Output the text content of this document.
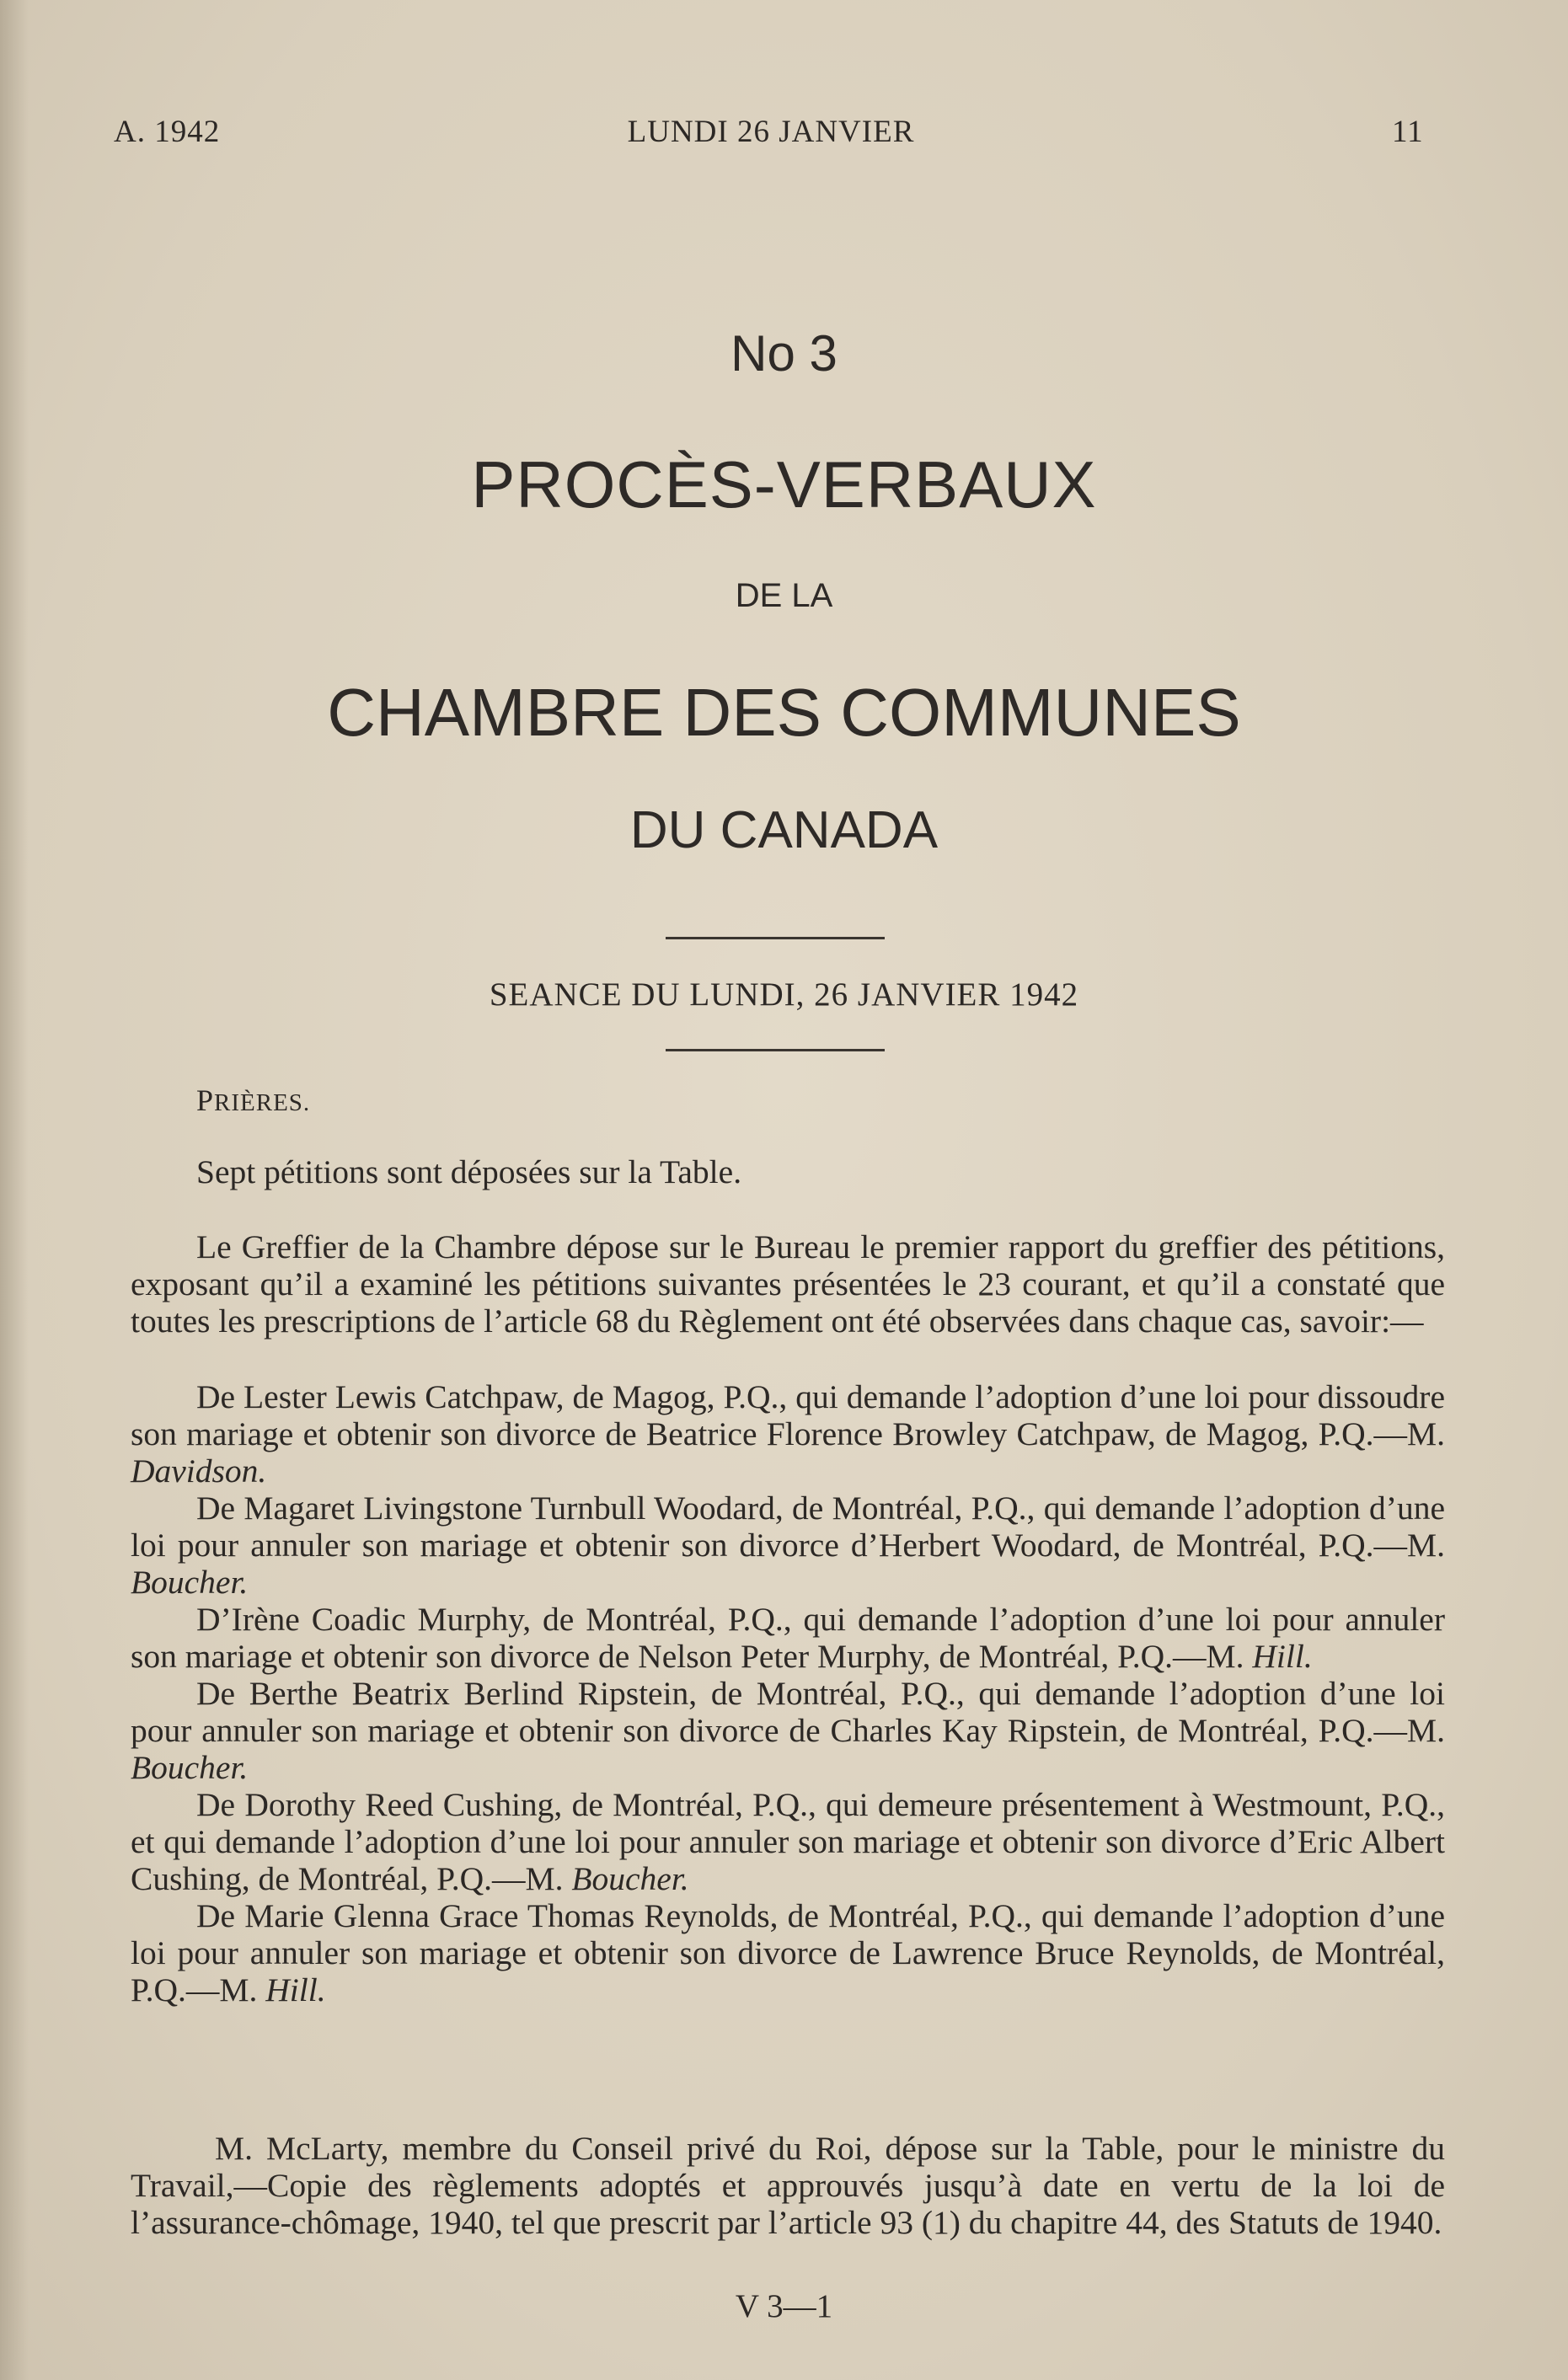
A. 1942	LUNDI 26 JANVIER	11
No 3
PROCÈS-VERBAUX
DE LA
CHAMBRE DES COMMUNES
DU CANADA
SEANCE DU LUNDI, 26 JANVIER 1942
PRIÈRES.
Sept pétitions sont déposées sur la Table.

Le Greffier de la Chambre dépose sur le Bureau le premier rapport du greffier des pétitions, exposant qu’il a examiné les pétitions suivantes présentées le 23 courant, et qu’il a constaté que toutes les prescriptions de l’article 68 du Règlement ont été observées dans chaque cas, savoir:—

De Lester Lewis Catchpaw, de Magog, P.Q., qui demande l’adoption d’une loi pour dissoudre son mariage et obtenir son divorce de Beatrice Florence Browley Catchpaw, de Magog, P.Q.—M. Davidson.

De Magaret Livingstone Turnbull Woodard, de Montréal, P.Q., qui demande l’adoption d’une loi pour annuler son mariage et obtenir son divorce d’Herbert Woodard, de Montréal, P.Q.—M. Boucher.

D’Irène Coadic Murphy, de Montréal, P.Q., qui demande l’adoption d’une loi pour annuler son mariage et obtenir son divorce de Nelson Peter Murphy, de Montréal, P.Q.—M. Hill.

De Berthe Beatrix Berlind Ripstein, de Montréal, P.Q., qui demande l’adoption d’une loi pour annuler son mariage et obtenir son divorce de Charles Kay Ripstein, de Montréal, P.Q.—M. Boucher.

De Dorothy Reed Cushing, de Montréal, P.Q., qui demeure présentement à Westmount, P.Q., et qui demande l’adoption d’une loi pour annuler son mariage et obtenir son divorce d’Eric Albert Cushing, de Montréal, P.Q.—M. Boucher.

De Marie Glenna Grace Thomas Reynolds, de Montréal, P.Q., qui demande l’adoption d’une loi pour annuler son mariage et obtenir son divorce de Lawrence Bruce Reynolds, de Montréal, P.Q.—M. Hill.

M. McLarty, membre du Conseil privé du Roi, dépose sur la Table, pour le ministre du Travail,—Copie des règlements adoptés et approuvés jusqu’à date en vertu de la loi de l’assurance-chômage, 1940, tel que prescrit par l’article 93 (1) du chapitre 44, des Statuts de 1940.

V 3—1
